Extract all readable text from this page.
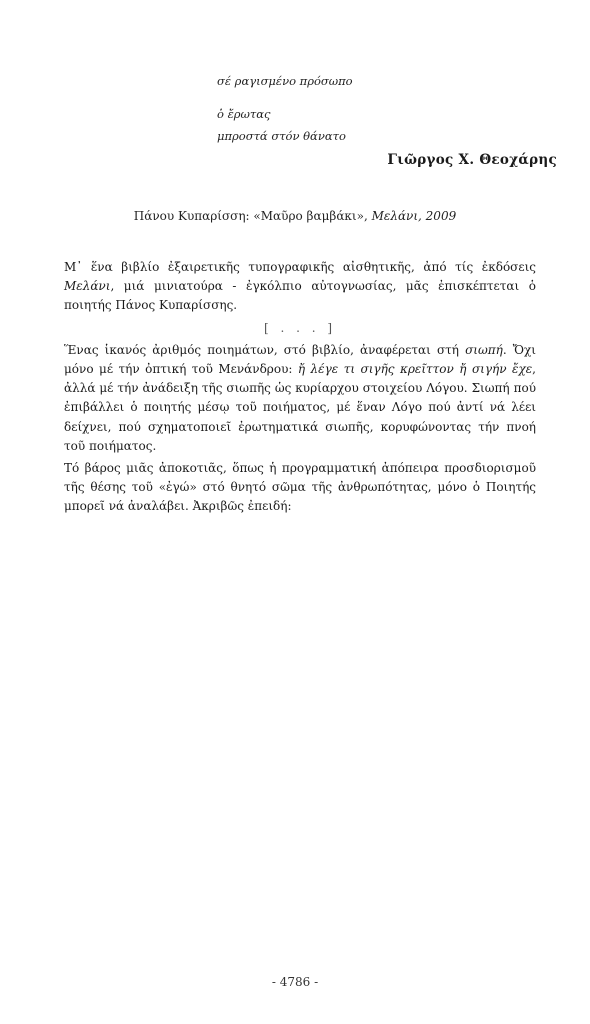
σέ ραγισμένο πρόσωπο
ὁ ἔρωτας
μπροστά στόν θάνατο
Γιῶργος Χ. Θεοχάρης
Πάνου Κυπαρίσση: «Μαῦρο βαμβάκι», Μελάνι, 2009

Μ᾽ ἕνα βιβλίο ἐξαιρετικῆς τυπογραφικῆς αἰσθητικῆς, ἀπό τίς ἐκδόσεις Μελάνι, μιά μινιατούρα - ἐγκόλπιο αὐτογνωσίας, μᾶς ἐπισκέπτεται ὁ ποιητής Πάνος Κυπαρίσσης.

[ . . . ]

Ἕνας ἱκανός ἀριθμός ποιημάτων, στό βιβλίο, ἀναφέρεται στή σιωπή. Ὄχι μόνο μέ τήν ὀπτική τοῦ Μενάνδρου: ἤ λέγε τι σιγῆς κρεῖττον ἤ σιγήν ἔχε, ἀλλά μέ τήν ἀνάδειξη τῆς σιωπῆς ὡς κυρίαρχου στοιχείου Λόγου. Σιωπή πού ἐπιβάλλει ὁ ποιητής μέσῳ τοῦ ποιήματος, μέ ἕναν Λόγο πού ἀντί νά λέει δείχνει, πού σχηματοποιεῖ ἐρωτηματικά σιωπῆς, κορυφώνοντας τήν πνοή τοῦ ποιήματος.

Τό βάρος μιᾶς ἀποκοτιᾶς, ὅπως ἡ προγραμματική ἀπόπειρα προσδιορισμοῦ τῆς θέσης τοῦ «ἐγώ» στό θνητό σῶμα τῆς ἀνθρωπότητας, μόνο ὁ Ποιητής μπορεῖ νά ἀναλάβει. Ἀκριβῶς ἐπειδή:

- 4786 -
